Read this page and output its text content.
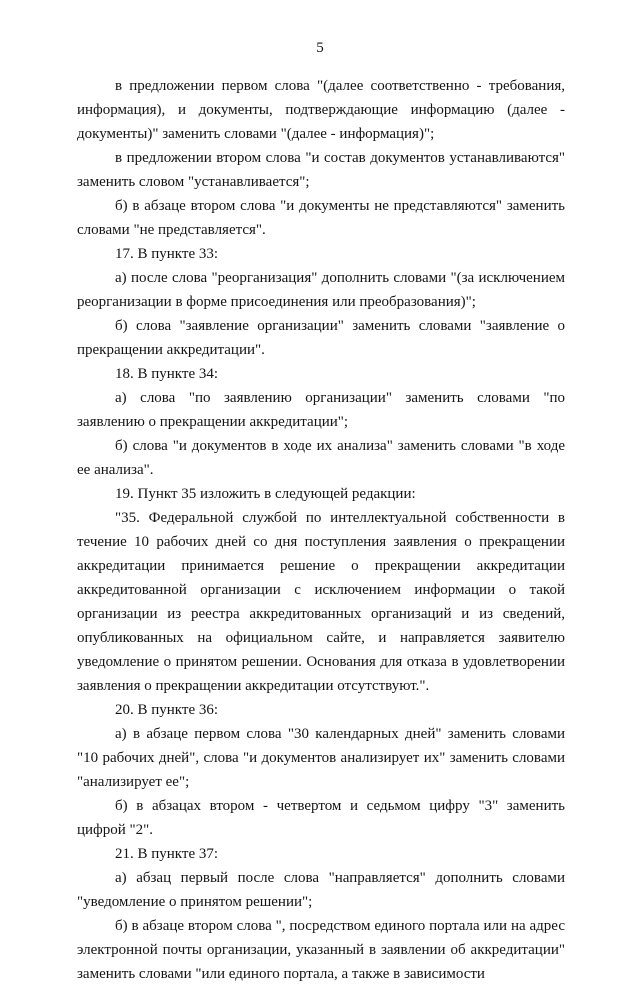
5

в предложении первом слова "(далее соответственно - требования, информация), и документы, подтверждающие информацию (далее - документы)" заменить словами "(далее - информация)";

в предложении втором слова "и состав документов устанавливаются" заменить словом "устанавливается";

б) в абзаце втором слова "и документы не представляются" заменить словами "не представляется".

17. В пункте 33:

а) после слова "реорганизация" дополнить словами "(за исключением реорганизации в форме присоединения или преобразования)";

б) слова "заявление организации" заменить словами "заявление о прекращении аккредитации".

18. В пункте 34:

а) слова "по заявлению организации" заменить словами "по заявлению о прекращении аккредитации";

б) слова "и документов в ходе их анализа" заменить словами "в ходе ее анализа".

19. Пункт 35 изложить в следующей редакции:

"35. Федеральной службой по интеллектуальной собственности в течение 10 рабочих дней со дня поступления заявления о прекращении аккредитации принимается решение о прекращении аккредитации аккредитованной организации с исключением информации о такой организации из реестра аккредитованных организаций и из сведений, опубликованных на официальном сайте, и направляется заявителю уведомление о принятом решении. Основания для отказа в удовлетворении заявления о прекращении аккредитации отсутствуют.".

20. В пункте 36:

а) в абзаце первом слова "30 календарных дней" заменить словами "10 рабочих дней", слова "и документов анализирует их" заменить словами "анализирует ее";

б) в абзацах втором - четвертом и седьмом цифру "3" заменить цифрой "2".

21. В пункте 37:

а) абзац первый после слова "направляется" дополнить словами "уведомление о принятом решении";

б) в абзаце втором слова ", посредством единого портала или на адрес электронной почты организации, указанный в заявлении об аккредитации" заменить словами "или единого портала, а также в зависимости
